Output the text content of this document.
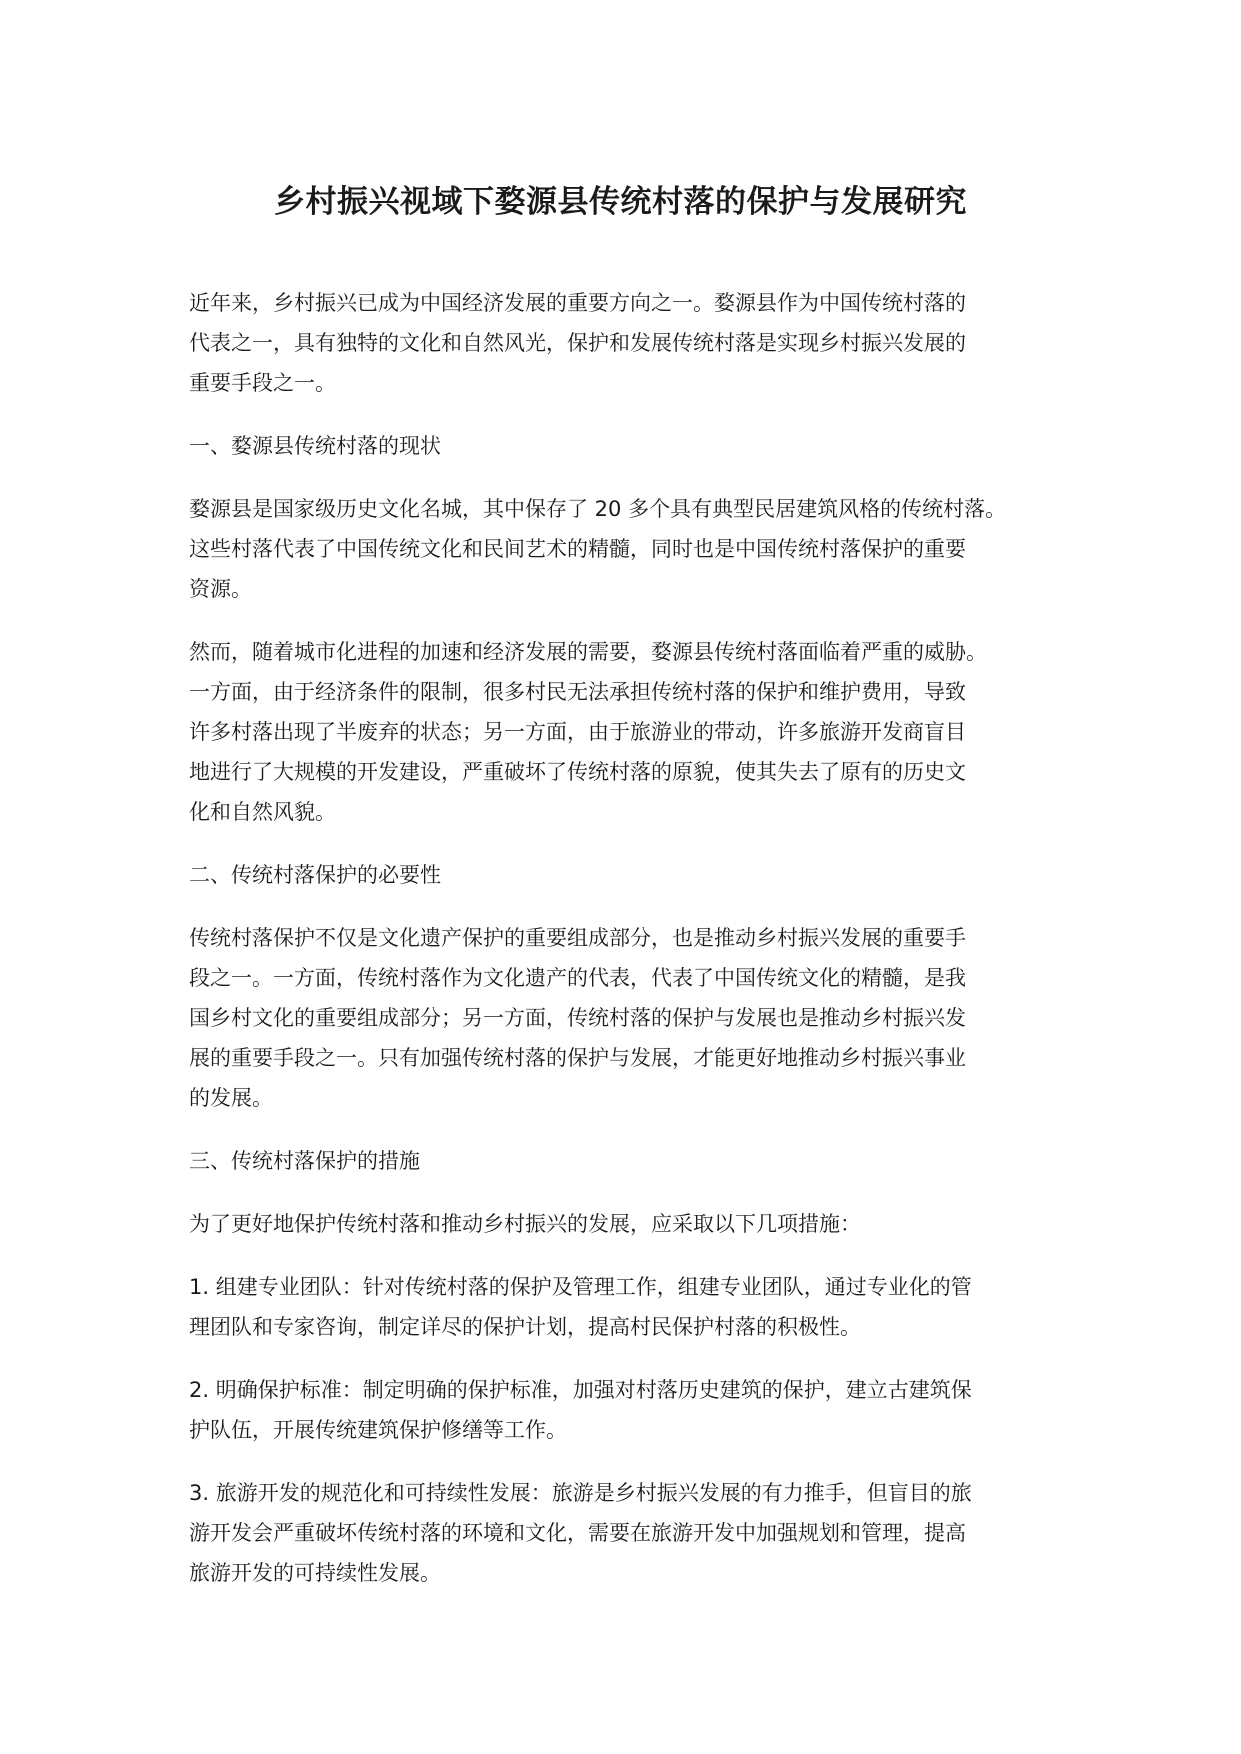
乡村振兴视域下婺源县传统村落的保护与发展研究

近年来，乡村振兴已成为中国经济发展的重要方向之一。婺源县作为中国传统村落的
代表之一，具有独特的文化和自然风光，保护和发展传统村落是实现乡村振兴发展的
重要手段之一。

一、婺源县传统村落的现状

婺源县是国家级历史文化名城，其中保存了 20 多个具有典型民居建筑风格的传统村落。
这些村落代表了中国传统文化和民间艺术的精髓，同时也是中国传统村落保护的重要
资源。

然而，随着城市化进程的加速和经济发展的需要，婺源县传统村落面临着严重的威胁。
一方面，由于经济条件的限制，很多村民无法承担传统村落的保护和维护费用，导致
许多村落出现了半废弃的状态；另一方面，由于旅游业的带动，许多旅游开发商盲目
地进行了大规模的开发建设，严重破坏了传统村落的原貌，使其失去了原有的历史文
化和自然风貌。

二、传统村落保护的必要性

传统村落保护不仅是文化遗产保护的重要组成部分，也是推动乡村振兴发展的重要手
段之一。一方面，传统村落作为文化遗产的代表，代表了中国传统文化的精髓，是我
国乡村文化的重要组成部分；另一方面，传统村落的保护与发展也是推动乡村振兴发
展的重要手段之一。只有加强传统村落的保护与发展，才能更好地推动乡村振兴事业
的发展。

三、传统村落保护的措施

为了更好地保护传统村落和推动乡村振兴的发展，应采取以下几项措施：

1. 组建专业团队：针对传统村落的保护及管理工作，组建专业团队，通过专业化的管
理团队和专家咨询，制定详尽的保护计划，提高村民保护村落的积极性。

2. 明确保护标准：制定明确的保护标准，加强对村落历史建筑的保护，建立古建筑保
护队伍，开展传统建筑保护修缮等工作。

3. 旅游开发的规范化和可持续性发展：旅游是乡村振兴发展的有力推手，但盲目的旅
游开发会严重破坏传统村落的环境和文化，需要在旅游开发中加强规划和管理，提高
旅游开发的可持续性发展。
